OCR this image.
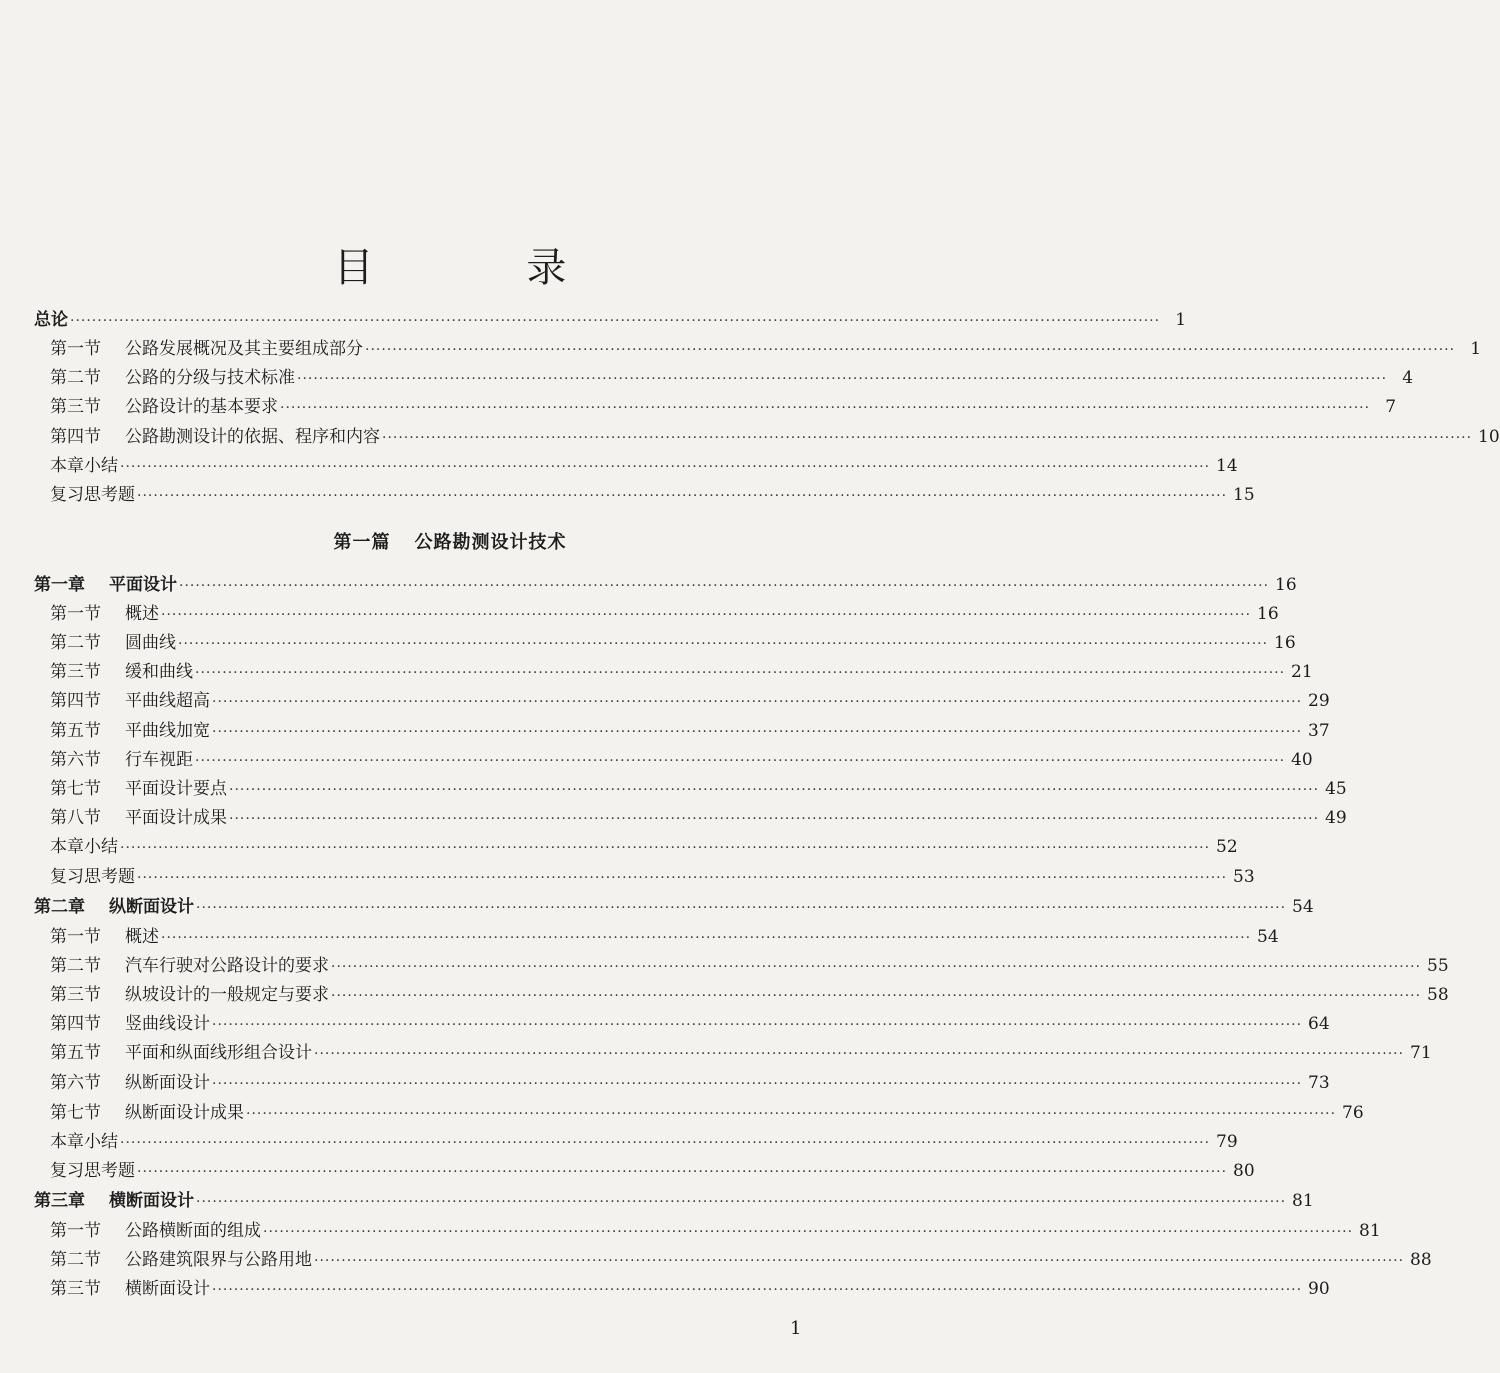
目 录
总论 ········································································································································································································ 1
第一节 公路发展概况及其主要组成部分 ········································································································································································································ 1
第二节 公路的分级与技术标准 ········································································································································································································ 4
第三节 公路设计的基本要求 ········································································································································································································ 7
第四节 公路勘测设计的依据、程序和内容 ········································································································································································································ 10
本章小结 ········································································································································································································ 14
复习思考题 ········································································································································································································ 15
第一章 平面设计 ········································································································································································································ 16
第一节 概述 ········································································································································································································ 16
第二节 圆曲线 ········································································································································································································ 16
第三节 缓和曲线 ········································································································································································································ 21
第四节 平曲线超高 ········································································································································································································ 29
第五节 平曲线加宽 ········································································································································································································ 37
第六节 行车视距 ········································································································································································································ 40
第七节 平面设计要点 ········································································································································································································ 45
第八节 平面设计成果 ········································································································································································································ 49
本章小结 ········································································································································································································ 52
复习思考题 ········································································································································································································ 53
第二章 纵断面设计 ········································································································································································································ 54
第一节 概述 ········································································································································································································ 54
第二节 汽车行驶对公路设计的要求 ········································································································································································································ 55
第三节 纵坡设计的一般规定与要求 ········································································································································································································ 58
第四节 竖曲线设计 ········································································································································································································ 64
第五节 平面和纵面线形组合设计 ········································································································································································································ 71
第六节 纵断面设计 ········································································································································································································ 73
第七节 纵断面设计成果 ········································································································································································································ 76
本章小结 ········································································································································································································ 79
复习思考题 ········································································································································································································ 80
第三章 横断面设计 ········································································································································································································ 81
第一节 公路横断面的组成 ········································································································································································································ 81
第二节 公路建筑限界与公路用地 ········································································································································································································ 88
第三节 横断面设计 ········································································································································································································ 90
第一篇 公路勘测设计技术
1
